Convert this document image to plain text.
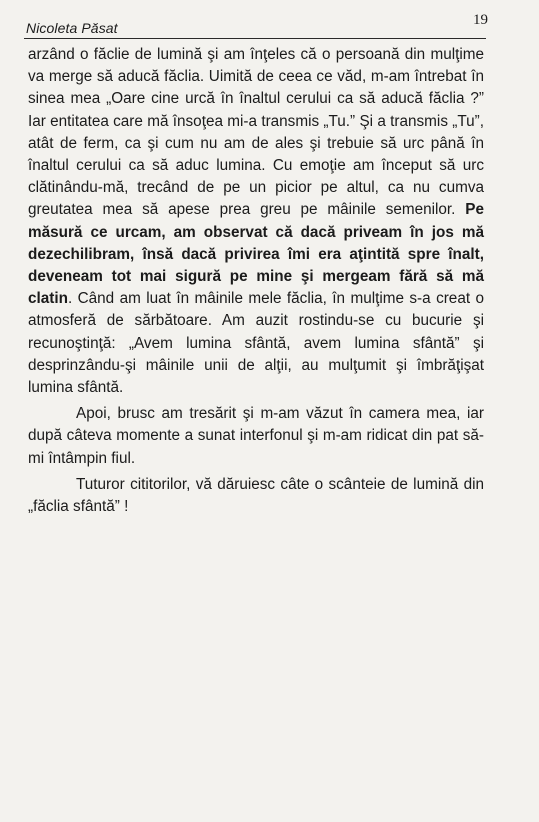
Nicoleta Păsat	19

arzând o făclie de lumină şi am înţeles că o persoană din mulţime va merge să aducă făclia. Uimită de ceea ce văd, m-am întrebat în sinea mea „Oare cine urcă în înaltul cerului ca să aducă făclia ?” Iar entitatea care mă însoţea mi-a transmis „Tu.” Şi a transmis „Tu”, atât de ferm, ca şi cum nu am de ales şi trebuie să urc până în înaltul cerului ca să aduc lumina. Cu emoţie am început să urc clătinându-mă, trecând de pe un picior pe altul, ca nu cumva greutatea mea să apese prea greu pe mâinile semenilor. Pe măsură ce urcam, am observat că dacă priveam în jos mă dezechilibram, însă dacă privirea îmi era aţintită spre înalt, deveneam tot mai sigură pe mine şi mergeam fără să mă clatin. Când am luat în mâinile mele făclia, în mulţime s-a creat o atmosferă de sărbătoare. Am auzit rostindu-se cu bucurie şi recunoştinţă: „Avem lumina sfântă, avem lumina sfântă” şi desprinzându-şi mâinile unii de alţii, au mulţumit şi îmbrăţişat lumina sfântă.

Apoi, brusc am tresărit şi m-am văzut în camera mea, iar după câteva momente a sunat interfonul şi m-am ridicat din pat să-mi întâmpin fiul.

Tuturor cititorilor, vă dăruiesc câte o scânteie de lumină din „făclia sfântă” !
